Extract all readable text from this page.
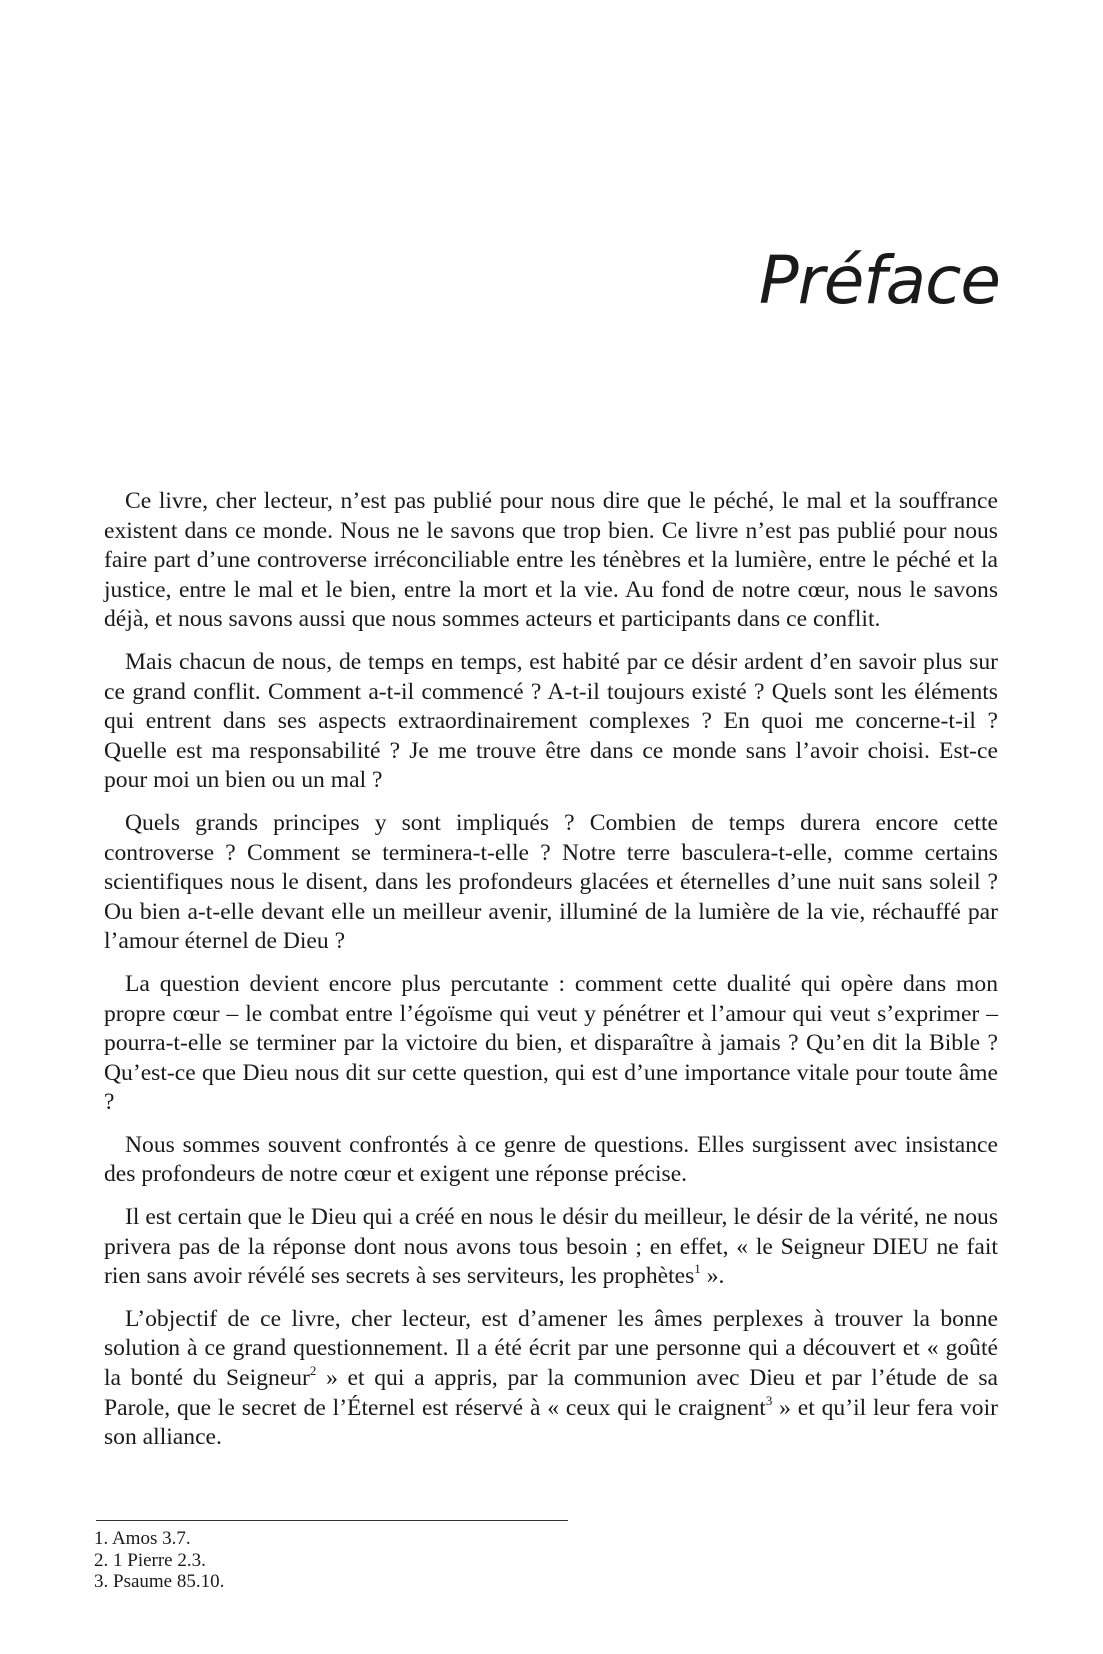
Préface

Ce livre, cher lecteur, n’est pas publié pour nous dire que le péché, le mal et la souffrance existent dans ce monde. Nous ne le savons que trop bien. Ce livre n’est pas publié pour nous faire part d’une controverse irréconciliable entre les ténèbres et la lumière, entre le péché et la justice, entre le mal et le bien, entre la mort et la vie. Au fond de notre cœur, nous le savons déjà, et nous savons aussi que nous sommes acteurs et participants dans ce conflit.

Mais chacun de nous, de temps en temps, est habité par ce désir ardent d’en savoir plus sur ce grand conflit. Comment a-t-il commencé ? A-t-il toujours existé ? Quels sont les éléments qui entrent dans ses aspects extraordinairement complexes ? En quoi me concerne-t-il ? Quelle est ma responsabilité ? Je me trouve être dans ce monde sans l’avoir choisi. Est-ce pour moi un bien ou un mal ?

Quels grands principes y sont impliqués ? Combien de temps durera encore cette controverse ? Comment se terminera-t-elle ? Notre terre basculera-t-elle, comme certains scientifiques nous le disent, dans les profondeurs glacées et éternelles d’une nuit sans soleil ? Ou bien a-t-elle devant elle un meilleur avenir, illuminé de la lumière de la vie, réchauffé par l’amour éternel de Dieu ?

La question devient encore plus percutante : comment cette dualité qui opère dans mon propre cœur – le combat entre l’égoïsme qui veut y pénétrer et l’amour qui veut s’exprimer – pourra-t-elle se terminer par la victoire du bien, et disparaître à jamais ? Qu’en dit la Bible ? Qu’est-ce que Dieu nous dit sur cette question, qui est d’une importance vitale pour toute âme ?

Nous sommes souvent confrontés à ce genre de questions. Elles surgissent avec insistance des profondeurs de notre cœur et exigent une réponse précise.

Il est certain que le Dieu qui a créé en nous le désir du meilleur, le désir de la vérité, ne nous privera pas de la réponse dont nous avons tous besoin ; en effet, « le Seigneur DIEU ne fait rien sans avoir révélé ses secrets à ses serviteurs, les prophètes$^1$ ».

L’objectif de ce livre, cher lecteur, est d’amener les âmes perplexes à trouver la bonne solution à ce grand questionnement. Il a été écrit par une personne qui a découvert et « goûté la bonté du Seigneur$^2$ » et qui a appris, par la communion avec Dieu et par l’étude de sa Parole, que le secret de l’Éternel est réservé à « ceux qui le craignent$^3$ » et qu’il leur fera voir son alliance.

1. Amos 3.7.
2. 1 Pierre 2.3.
3. Psaume 85.10.
